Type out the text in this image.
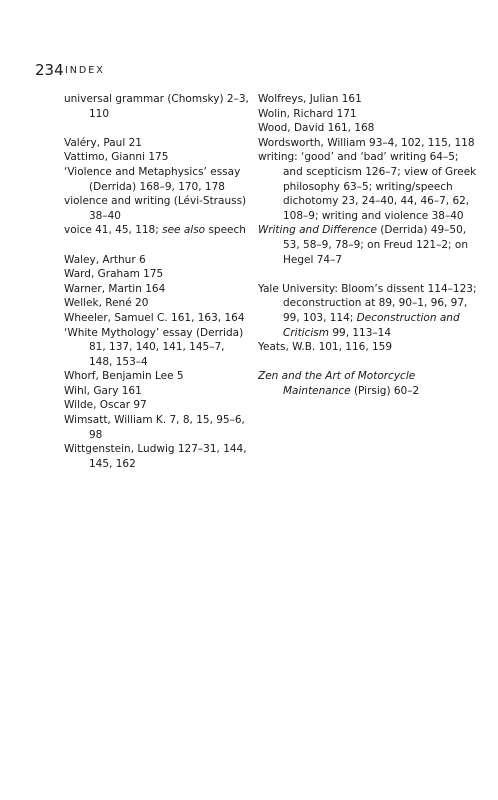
234 INDEX
universal grammar (Chomsky) 2–3, 110
Valéry, Paul 21
Vattimo, Gianni 175
‘Violence and Metaphysics’ essay (Derrida) 168–9, 170, 178
violence and writing (Lévi-Strauss) 38–40
voice 41, 45, 118; see also speech
Waley, Arthur 6
Ward, Graham 175
Warner, Martin 164
Wellek, René 20
Wheeler, Samuel C. 161, 163, 164
‘White Mythology’ essay (Derrida) 81, 137, 140, 141, 145–7, 148, 153–4
Whorf, Benjamin Lee 5
Wihl, Gary 161
Wilde, Oscar 97
Wimsatt, William K. 7, 8, 15, 95–6, 98
Wittgenstein, Ludwig 127–31, 144, 145, 162
Wolfreys, Julian 161
Wolin, Richard 171
Wood, David 161, 168
Wordsworth, William 93–4, 102, 115, 118
writing: ‘good’ and ‘bad’ writing 64–5; and scepticism 126–7; view of Greek philosophy 63–5; writing/speech dichotomy 23, 24–40, 44, 46–7, 62, 108–9; writing and violence 38–40
Writing and Difference (Derrida) 49–50, 53, 58–9, 78–9; on Freud 121–2; on Hegel 74–7
Yale University: Bloom’s dissent 114–123; deconstruction at 89, 90–1, 96, 97, 99, 103, 114; Deconstruction and Criticism 99, 113–14
Yeats, W.B. 101, 116, 159
Zen and the Art of Motorcycle Maintenance (Pirsig) 60–2
